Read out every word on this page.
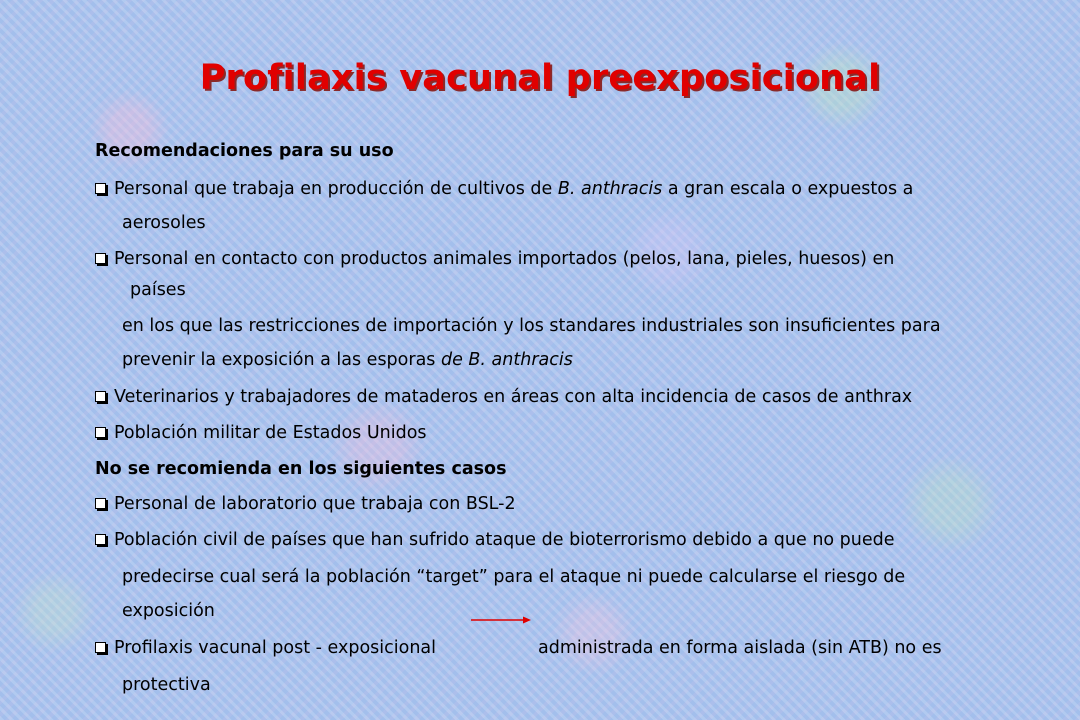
Profilaxis vacunal preexposicional
Recomendaciones para su uso
Personal que trabaja en producción de cultivos de B. anthracis a gran escala o expuestos a
aerosoles
Personal en contacto con productos animales importados (pelos, lana, pieles, huesos) en
países
en los que las restricciones de importación y los standares industriales son insuficientes para
prevenir la exposición a las esporas de B. anthracis
Veterinarios y trabajadores de mataderos en áreas con alta incidencia de casos de anthrax
Población militar de Estados Unidos
No se recomienda en los siguientes casos
Personal de laboratorio que trabaja con BSL-2
Población civil de países que han sufrido ataque de bioterrorismo debido a que no puede
predecirse cual será la población “target” para el ataque ni puede calcularse el riesgo de
exposición
Profilaxis vacunal post - exposicional	administrada en forma aislada (sin ATB) no es
protectiva
